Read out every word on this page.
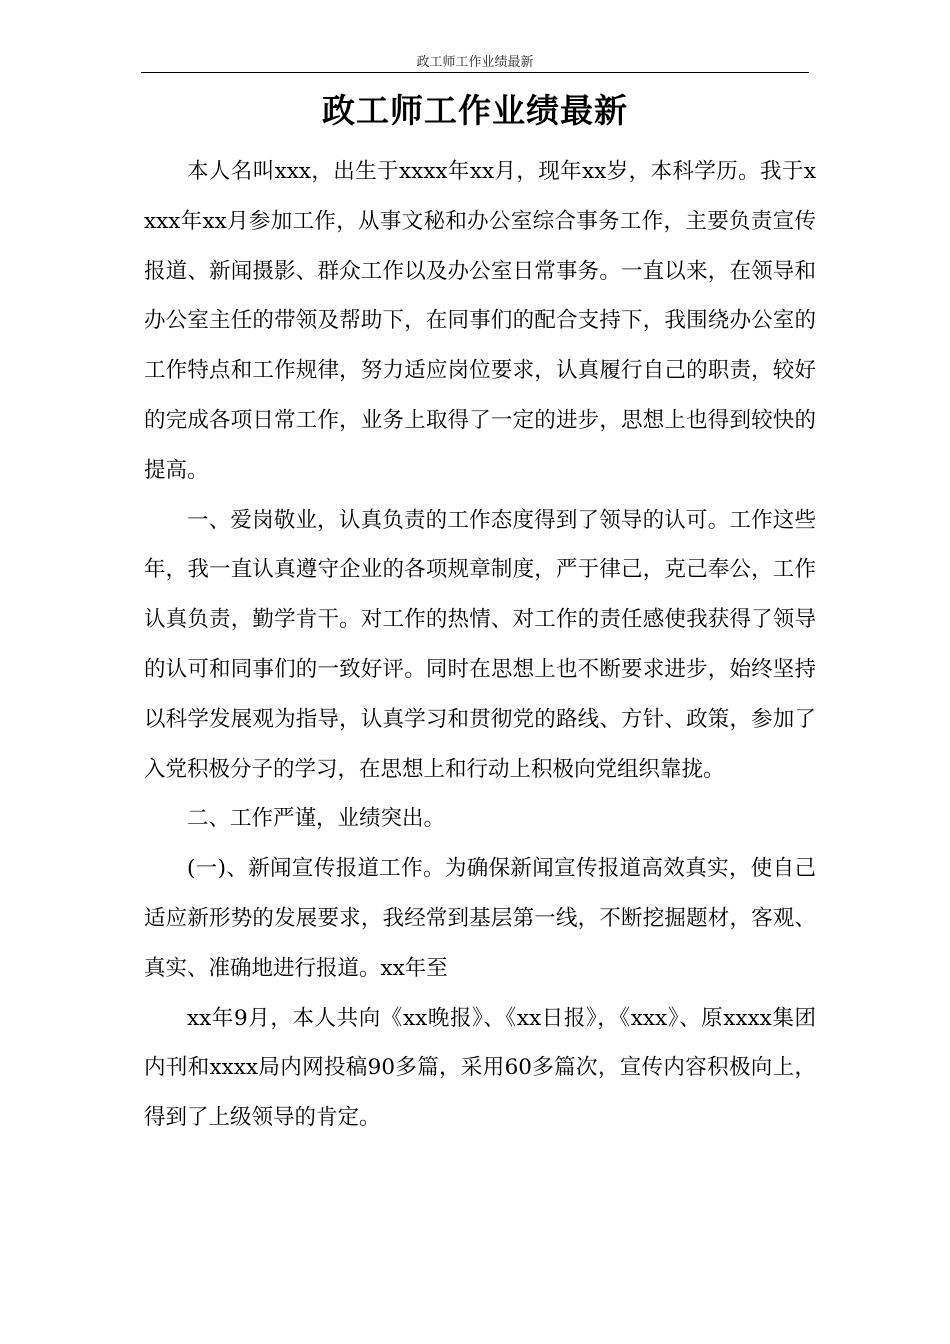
政工师工作业绩最新
政工师工作业绩最新

本人名叫xxx，出生于xxxx年xx月，现年xx岁，本科学历。我于xxxx年xx月参加工作，从事文秘和办公室综合事务工作，主要负责宣传报道、新闻摄影、群众工作以及办公室日常事务。一直以来，在领导和办公室主任的带领及帮助下，在同事们的配合支持下，我围绕办公室的工作特点和工作规律，努力适应岗位要求，认真履行自己的职责，较好的完成各项日常工作，业务上取得了一定的进步，思想上也得到较快的提高。

一、爱岗敬业，认真负责的工作态度得到了领导的认可。工作这些年，我一直认真遵守企业的各项规章制度，严于律己，克己奉公，工作认真负责，勤学肯干。对工作的热情、对工作的责任感使我获得了领导的认可和同事们的一致好评。同时在思想上也不断要求进步，始终坚持以科学发展观为指导，认真学习和贯彻党的路线、方针、政策，参加了入党积极分子的学习，在思想上和行动上积极向党组织靠拢。

二、工作严谨，业绩突出。

(一)、新闻宣传报道工作。为确保新闻宣传报道高效真实，使自己适应新形势的发展要求，我经常到基层第一线，不断挖掘题材，客观、真实、准确地进行报道。xx年至

xx年9月，本人共向《xx晚报》、《xx日报》，《xxx》、原xxxx集团内刊和xxxx局内网投稿90多篇，采用60多篇次，宣传内容积极向上，得到了上级领导的肯定。
